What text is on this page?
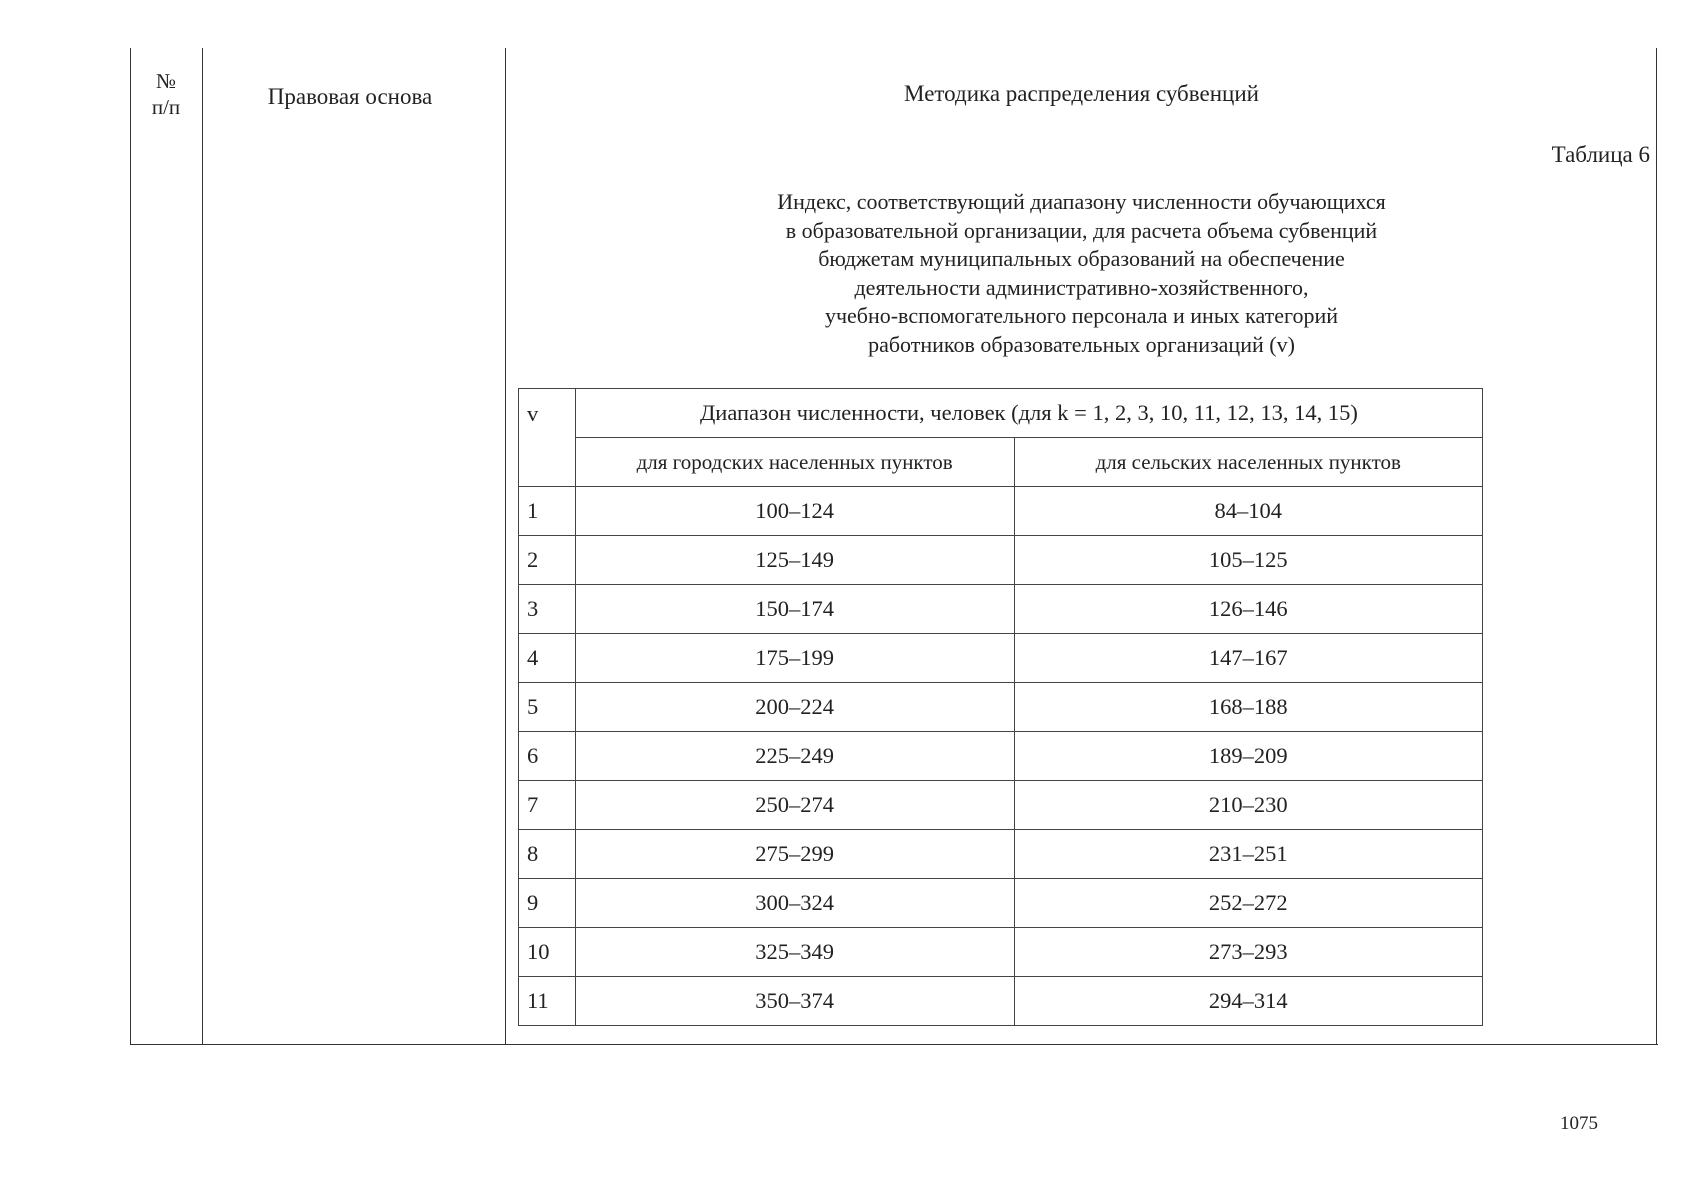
№
п/п	Правовая основа	Методика распределения субвенций
Таблица 6
Индекс, соответствующий диапазону численности обучающихся
в образовательной организации, для расчета объема субвенций
бюджетам муниципальных образований на обеспечение
деятельности административно-хозяйственного,
учебно-вспомогательного персонала и иных категорий
работников образовательных организаций (v)
v	Диапазон численности, человек (для k = 1, 2, 3, 10, 11, 12, 13, 14, 15)	
	для городских населенных пунктов	для сельских населенных пунктов
1	100–124	84–104
2	125–149	105–125
3	150–174	126–146
4	175–199	147–167
5	200–224	168–188
6	225–249	189–209
7	250–274	210–230
8	275–299	231–251
9	300–324	252–272
10	325–349	273–293
11	350–374	294–314
1075
